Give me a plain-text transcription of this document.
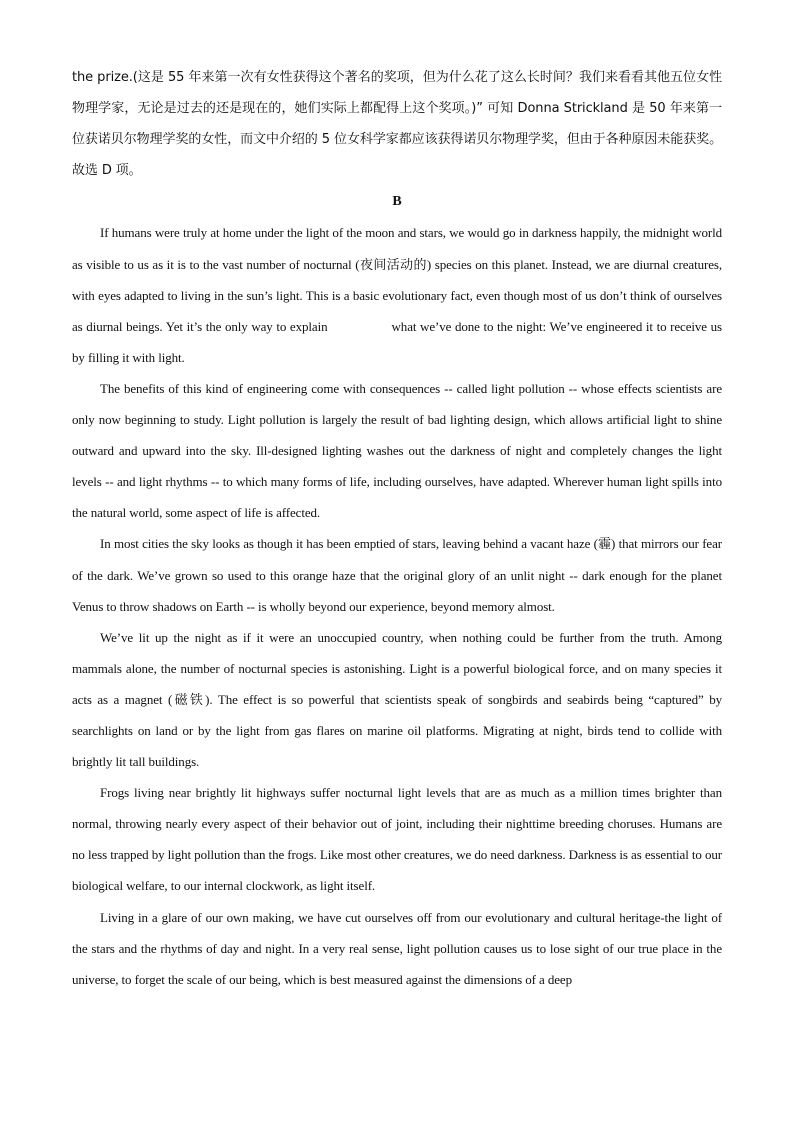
the prize.(这是 55 年来第一次有女性获得这个著名的奖项，但为什么花了这么长时间？我们来看看其他五位女性物理学家，无论是过去的还是现在的，她们实际上都配得上这个奖项。)” 可知 Donna Strickland 是 50 年来第一位获诺贝尔物理学奖的女性，而文中介绍的 5 位女科学家都应该获得诺贝尔物理学奖，但由于各种原因未能获奖。故选 D 项。

B

If humans were truly at home under the light of the moon and stars, we would go in darkness happily, the midnight world as visible to us as it is to the vast number of nocturnal (夜间活动的) species on this planet. Instead, we are diurnal creatures, with eyes adapted to living in the sun’s light. This is a basic evolutionary fact, even though most of us don’t think of ourselves as diurnal beings. Yet it’s the only way to explain	what we’ve done to the night: We’ve engineered it to receive us by filling it with light.

The benefits of this kind of engineering come with consequences -- called light pollution -- whose effects scientists are only now beginning to study. Light pollution is largely the result of bad lighting design, which allows artificial light to shine outward and upward into the sky. Ill-designed lighting washes out the darkness of night and completely changes the light levels -- and light rhythms -- to which many forms of life, including ourselves, have adapted. Wherever human light spills into the natural world, some aspect of life is affected.

In most cities the sky looks as though it has been emptied of stars, leaving behind a vacant haze (霾) that mirrors our fear of the dark. We’ve grown so used to this orange haze that the original glory of an unlit night -- dark enough for the planet Venus to throw shadows on Earth -- is wholly beyond our experience, beyond memory almost.

We’ve lit up the night as if it were an unoccupied country, when nothing could be further from the truth. Among mammals alone, the number of nocturnal species is astonishing. Light is a powerful biological force, and on many species it acts as a magnet (磁铁). The effect is so powerful that scientists speak of songbirds and seabirds being “captured” by searchlights on land or by the light from gas flares on marine oil platforms. Migrating at night, birds tend to collide with brightly lit tall buildings.

Frogs living near brightly lit highways suffer nocturnal light levels that are as much as a million times brighter than normal, throwing nearly every aspect of their behavior out of joint, including their nighttime breeding choruses. Humans are no less trapped by light pollution than the frogs. Like most other creatures, we do need darkness. Darkness is as essential to our biological welfare, to our internal clockwork, as light itself.

Living in a glare of our own making, we have cut ourselves off from our evolutionary and cultural heritage-the light of the stars and the rhythms of day and night. In a very real sense, light pollution causes us to lose sight of our true place in the universe, to forget the scale of our being, which is best measured against the dimensions of a deep
